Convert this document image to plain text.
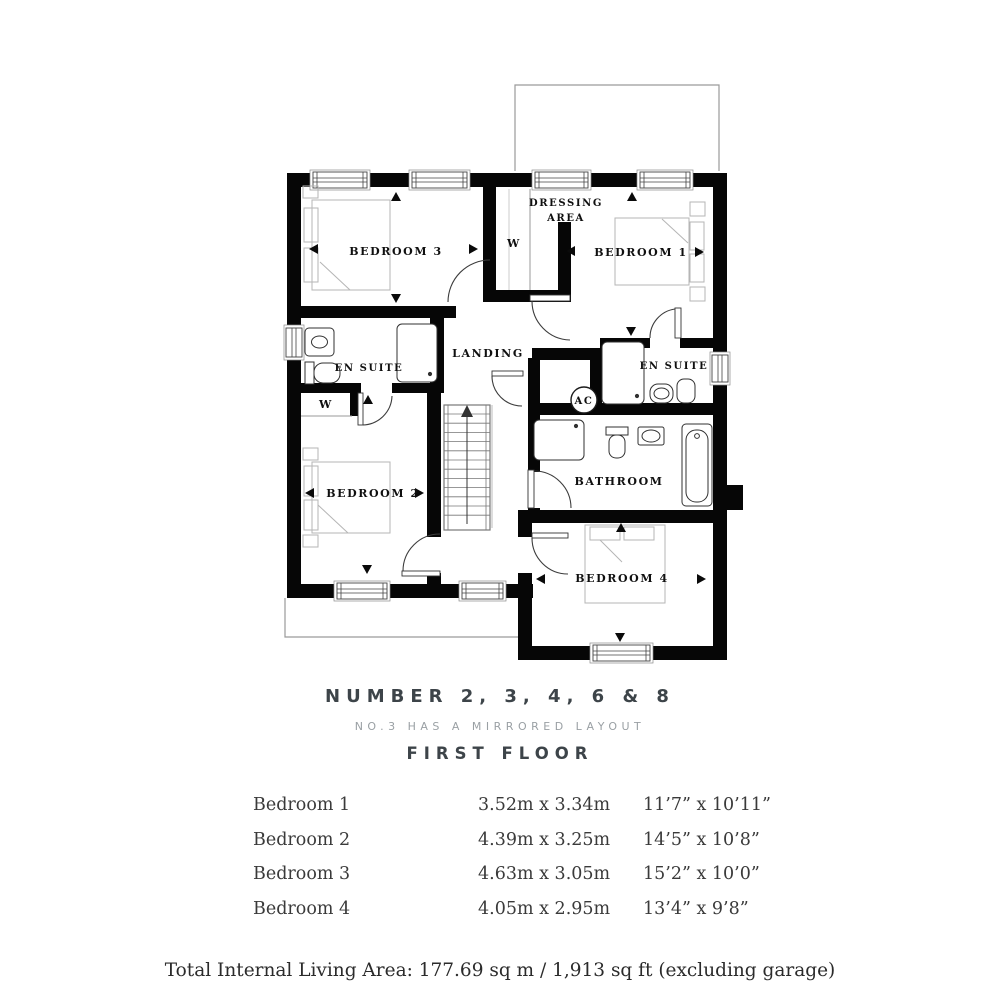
AC
BEDROOM 3
DRESSING
AREA
BEDROOM 1
W
EN SUITE
LANDING
EN SUITE
W
BEDROOM 2
BATHROOM
BEDROOM 4
NUMBER 2, 3, 4, 6 & 8
NO.3 HAS A MIRRORED LAYOUT
FIRST FLOOR
Bedroom 1	3.52m x 3.34m	11’7” x 10’11”
Bedroom 2	4.39m x 3.25m	14’5” x 10’8”
Bedroom 3	4.63m x 3.05m	15’2” x 10’0”
Bedroom 4	4.05m x 2.95m	13’4” x 9’8”
Total Internal Living Area: 177.69 sq m / 1,913 sq ft (excluding garage)
